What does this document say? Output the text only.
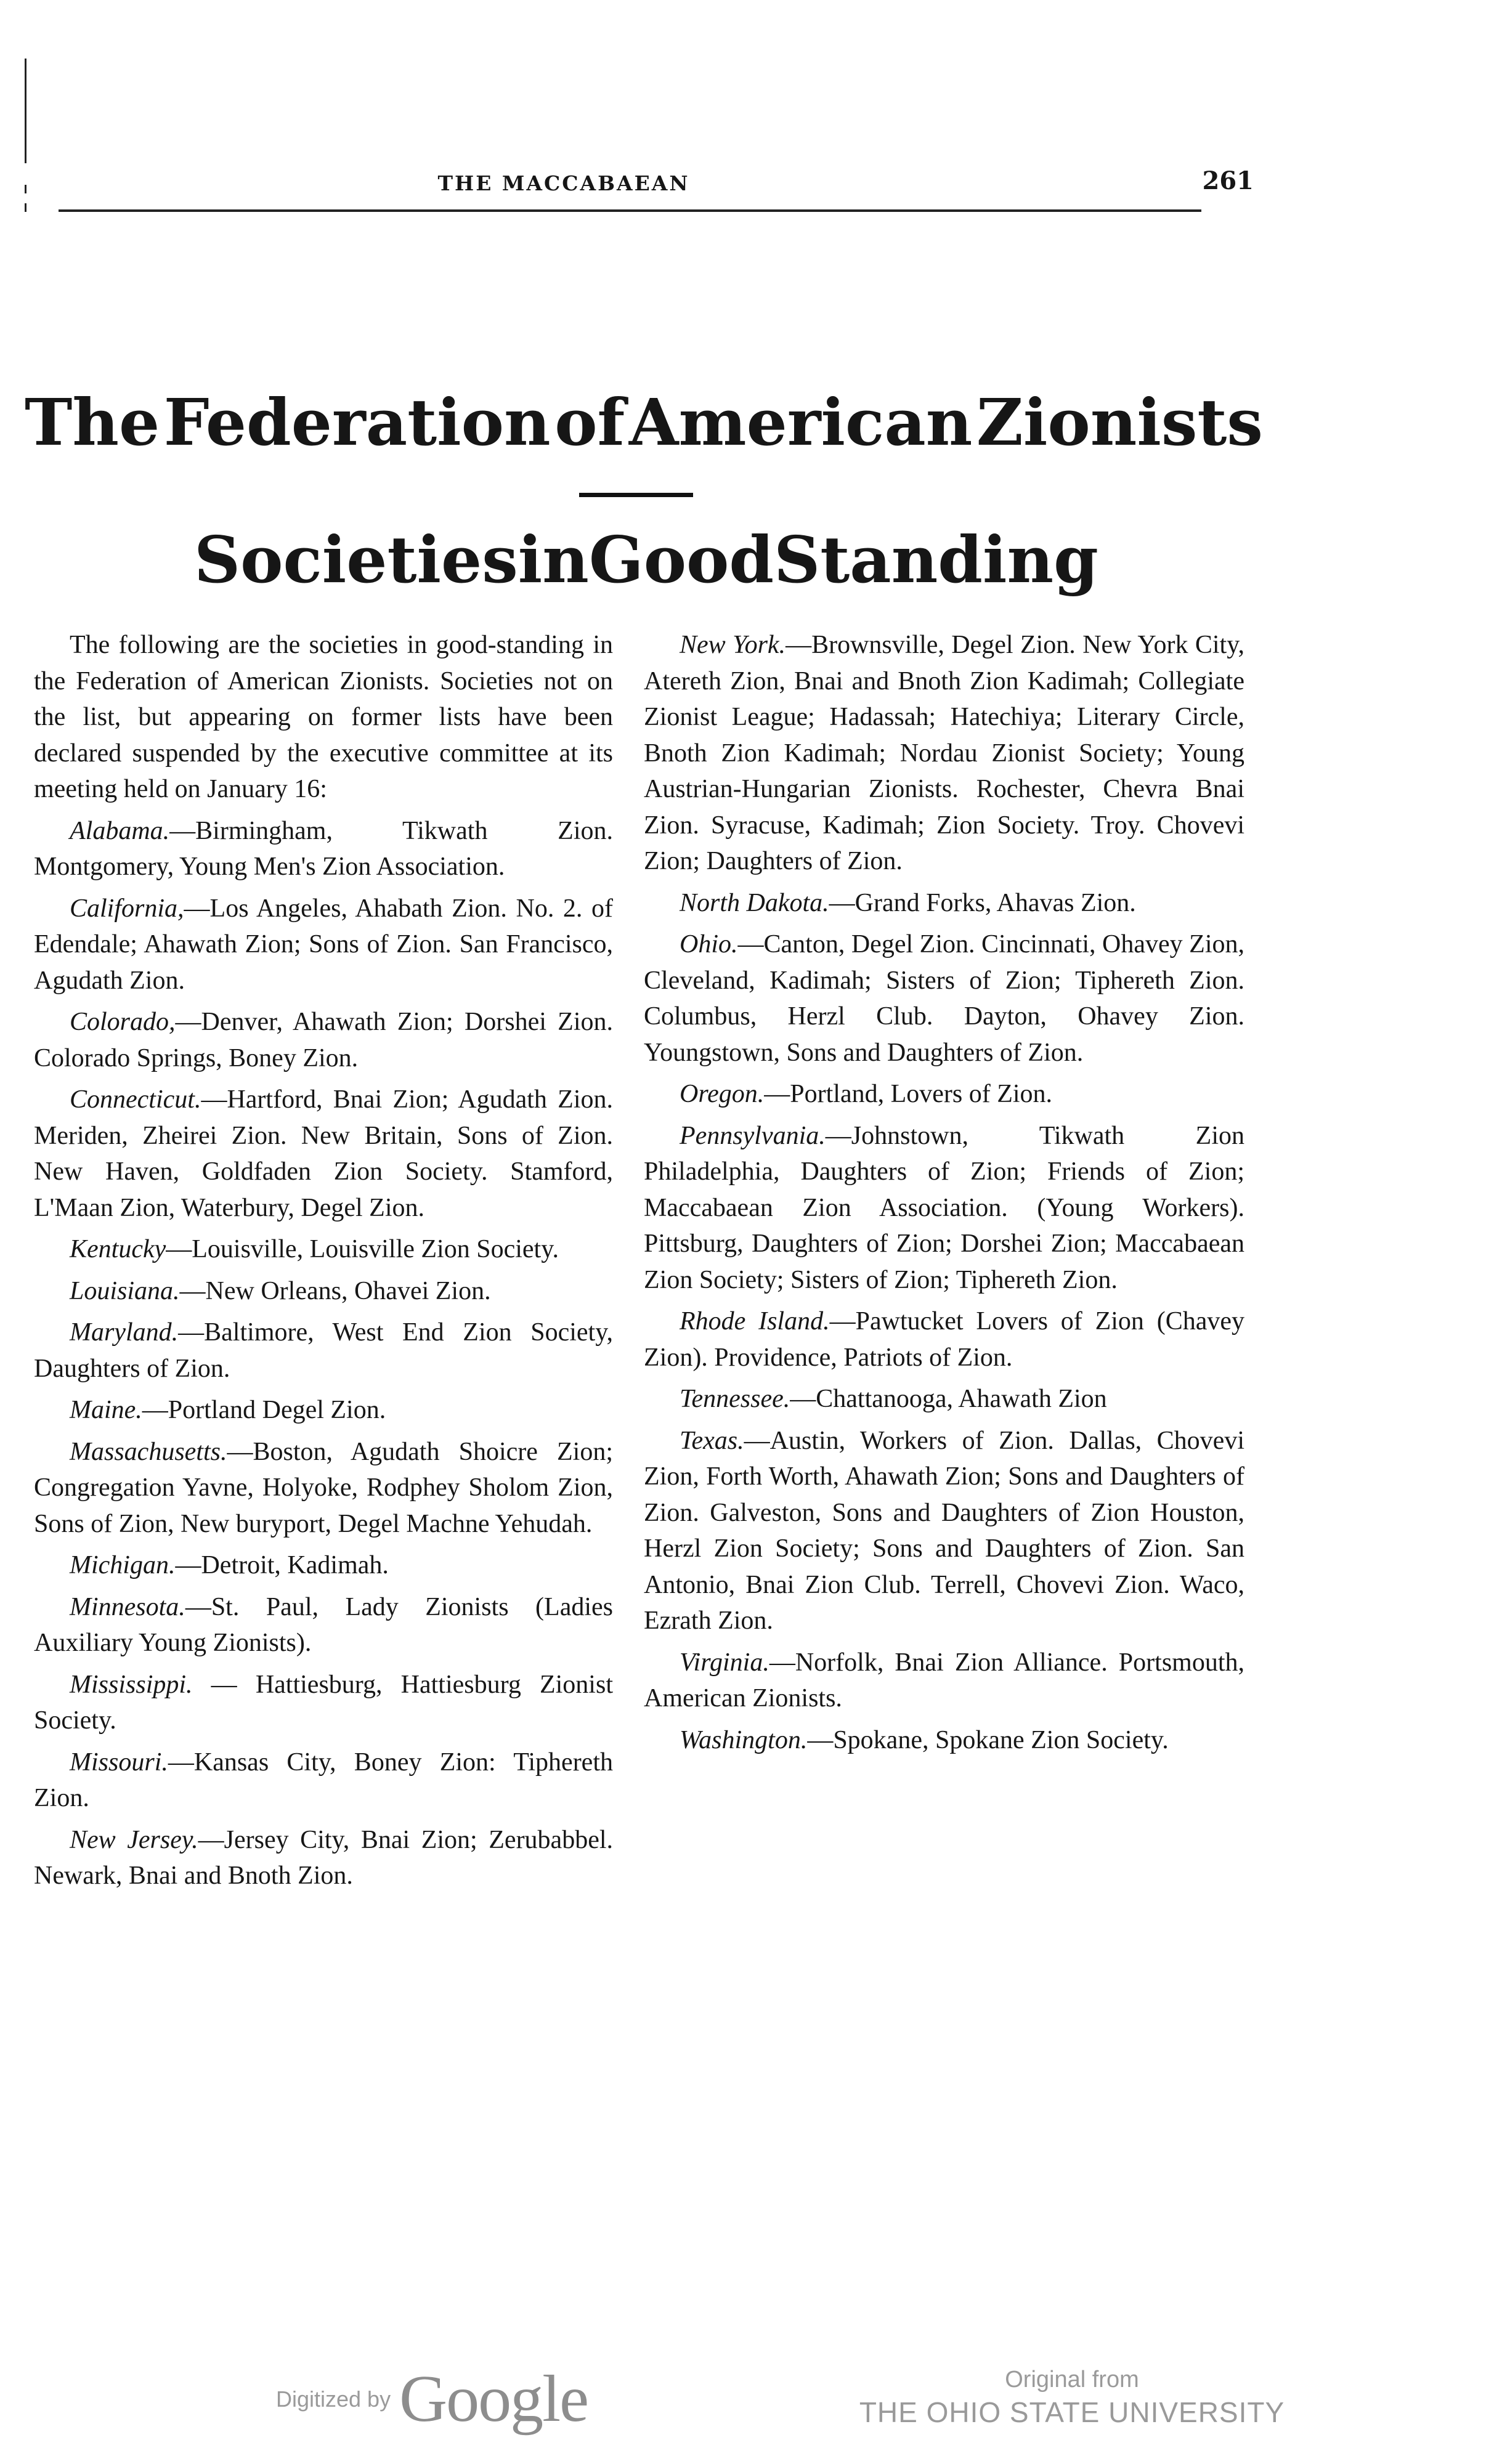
THE MACCABAEAN	261
The Federation of American Zionists
Societies in Good Standing

The following are the societies in good-standing in the Federation of American Zionists. Societies not on the list, but appearing on former lists have been declared suspended by the executive committee at its meeting held on January 16:

Alabama.—Birmingham, Tikwath Zion. Montgomery, Young Men's Zion Association.

California,—Los Angeles, Ahabath Zion. No. 2. of Edendale; Ahawath Zion; Sons of Zion. San Francisco, Agudath Zion.

Colorado,—Denver, Ahawath Zion; Dorshei Zion. Colorado Springs, Boney Zion.

Connecticut.—Hartford, Bnai Zion; Agudath Zion. Meriden, Zheirei Zion. New Britain, Sons of Zion. New Haven, Goldfaden Zion Society. Stamford, L'Maan Zion, Waterbury, Degel Zion.

Kentucky—Louisville, Louisville Zion Society.

Louisiana.—New Orleans, Ohavei Zion.

Maryland.—Baltimore, West End Zion Society, Daughters of Zion.

Maine.—Portland Degel Zion.

Massachusetts.—Boston, Agudath Shoicre Zion; Congregation Yavne, Holyoke, Rodphey Sholom Zion, Sons of Zion, New buryport, Degel Machne Yehudah.

Michigan.—Detroit, Kadimah.

Minnesota.—St. Paul, Lady Zionists (Ladies Auxiliary Young Zionists).

Mississippi. — Hattiesburg, Hattiesburg Zionist Society.

Missouri.—Kansas City, Boney Zion: Tiphereth Zion.

New Jersey.—Jersey City, Bnai Zion; Zerubabbel. Newark, Bnai and Bnoth Zion.

New York.—Brownsville, Degel Zion. New York City, Atereth Zion, Bnai and Bnoth Zion Kadimah; Collegiate Zionist League; Hadassah; Hatechiya; Literary Circle, Bnoth Zion Kadimah; Nordau Zionist Society; Young Austrian-Hungarian Zionists. Rochester, Chevra Bnai Zion. Syracuse, Kadimah; Zion Society. Troy. Chovevi Zion; Daughters of Zion.

North Dakota.—Grand Forks, Ahavas Zion.

Ohio.—Canton, Degel Zion. Cincinnati, Ohavey Zion, Cleveland, Kadimah; Sisters of Zion; Tiphereth Zion. Columbus, Herzl Club. Dayton, Ohavey Zion. Youngstown, Sons and Daughters of Zion.

Oregon.—Portland, Lovers of Zion.

Pennsylvania.—Johnstown, Tikwath Zion Philadelphia, Daughters of Zion; Friends of Zion; Maccabaean Zion Association. (Young Workers). Pittsburg, Daughters of Zion; Dorshei Zion; Maccabaean Zion Society; Sisters of Zion; Tiphereth Zion.

Rhode Island.—Pawtucket Lovers of Zion (Chavey Zion). Providence, Patriots of Zion.

Tennessee.—Chattanooga, Ahawath Zion

Texas.—Austin, Workers of Zion. Dallas, Chovevi Zion, Forth Worth, Ahawath Zion; Sons and Daughters of Zion. Galveston, Sons and Daughters of Zion Houston, Herzl Zion Society; Sons and Daughters of Zion. San Antonio, Bnai Zion Club. Terrell, Chovevi Zion. Waco, Ezrath Zion.

Virginia.—Norfolk, Bnai Zion Alliance. Portsmouth, American Zionists.

Washington.—Spokane, Spokane Zion Society.

Digitized by Google	Original from
THE OHIO STATE UNIVERSITY
